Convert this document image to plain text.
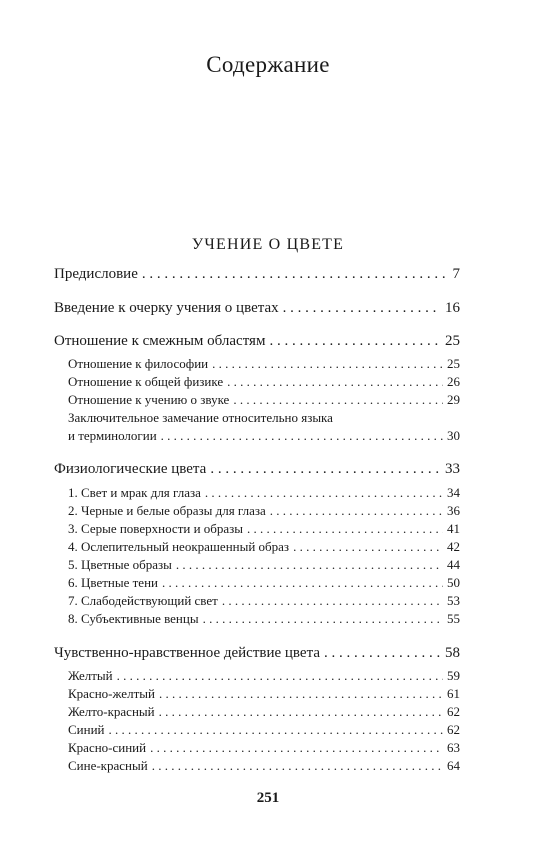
Содержание
УЧЕНИЕ О ЦВЕТЕ
Предисловие . . .	7
Введение к очерку учения о цветах . . .	16
Отношение к смежным областям . . .	25
Отношение к философии . . .	25
Отношение к общей физике . . .	26
Отношение к учению о звуке . . .	29
Заключительное замечание относительно языка
и терминологии . . .	30
Физиологические цвета . . .	33
1. Свет и мрак для глаза . . .	34
2. Черные и белые образы для глаза . . .	36
3. Серые поверхности и образы . . .	41
4. Ослепительный неокрашенный образ . . .	42
5. Цветные образы . . .	44
6. Цветные тени . . .	50
7. Слабодействующий свет . . .	53
8. Субъективные венцы . . .	55
Чувственно-нравственное действие цвета . . .	58
Желтый . . .	59
Красно-желтый . . .	61
Желто-красный . . .	62
Синий . . .	62
Красно-синий . . .	63
Сине-красный . . .	64
251
